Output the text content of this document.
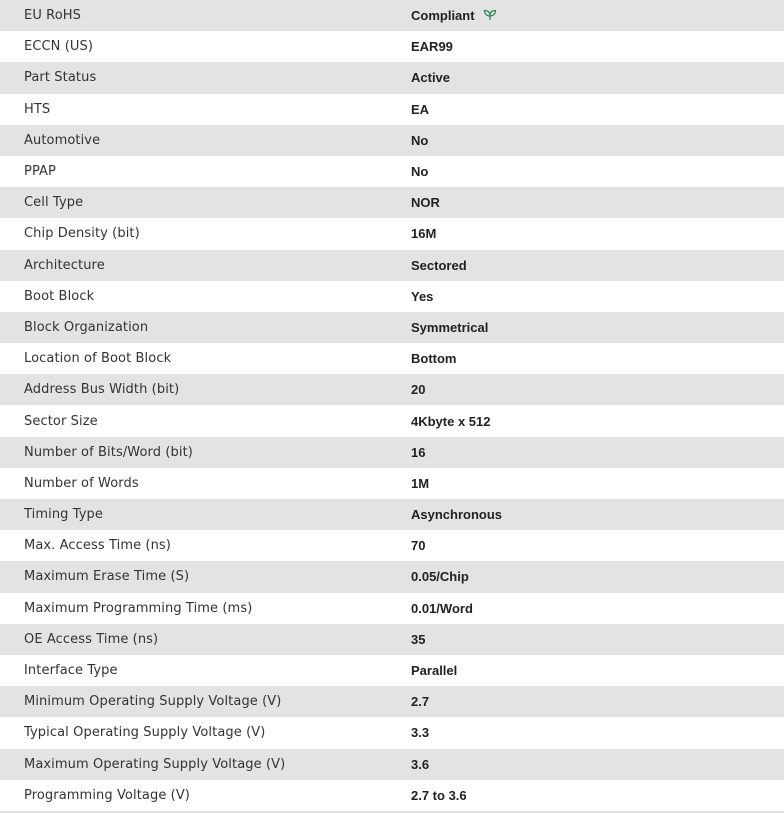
EU RoHS	Compliant
ECCN (US)	EAR99
Part Status	Active
HTS	EA
Automotive	No
PPAP	No
Cell Type	NOR
Chip Density (bit)	16M
Architecture	Sectored
Boot Block	Yes
Block Organization	Symmetrical
Location of Boot Block	Bottom
Address Bus Width (bit)	20
Sector Size	4Kbyte x 512
Number of Bits/Word (bit)	16
Number of Words	1M
Timing Type	Asynchronous
Max. Access Time (ns)	70
Maximum Erase Time (S)	0.05/Chip
Maximum Programming Time (ms)	0.01/Word
OE Access Time (ns)	35
Interface Type	Parallel
Minimum Operating Supply Voltage (V)	2.7
Typical Operating Supply Voltage (V)	3.3
Maximum Operating Supply Voltage (V)	3.6
Programming Voltage (V)	2.7 to 3.6
